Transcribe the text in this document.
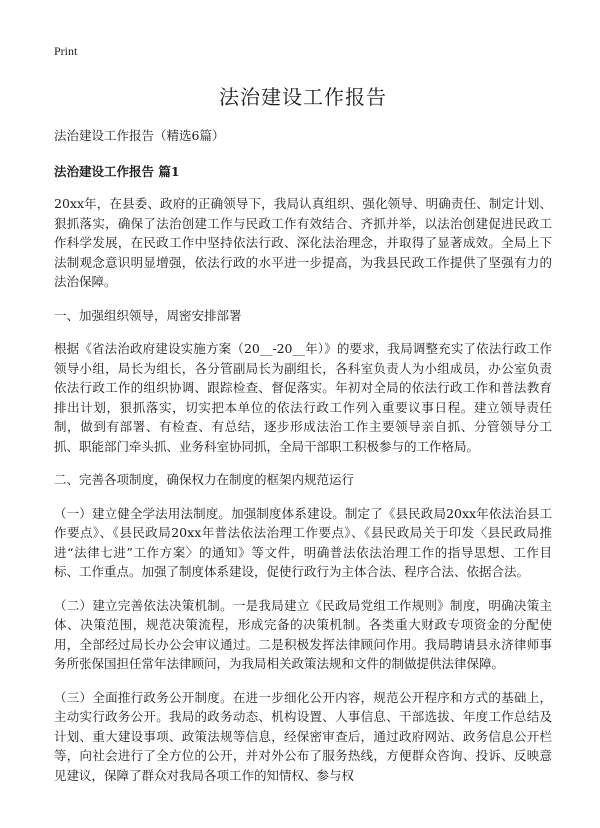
Print
法治建设工作报告

法治建设工作报告（精选6篇）

法治建设工作报告 篇1

20xx年，在县委、政府的正确领导下，我局认真组织、强化领导、明确责任、制定计划、狠抓落实，确保了法治创建工作与民政工作有效结合、齐抓并举，以法治创建促进民政工作科学发展，在民政工作中坚持依法行政、深化法治理念，并取得了显著成效。全局上下法制观念意识明显增强，依法行政的水平进一步提高，为我县民政工作提供了坚强有力的法治保障。

一、加强组织领导，周密安排部署

根据《省法治政府建设实施方案（20__-20__年）》的要求，我局调整充实了依法行政工作领导小组，局长为组长，各分管副局长为副组长，各科室负责人为小组成员，办公室负责依法行政工作的组织协调、跟踪检查、督促落实。年初对全局的依法行政工作和普法教育排出计划，狠抓落实，切实把本单位的依法行政工作列入重要议事日程。建立领导责任制，做到有部署、有检查、有总结，逐步形成法治工作主要领导亲自抓、分管领导分工抓、职能部门牵头抓、业务科室协同抓，全局干部职工积极参与的工作格局。

二、完善各项制度，确保权力在制度的框架内规范运行

（一）建立健全学法用法制度。加强制度体系建设。制定了《县民政局20xx年依法治县工作要点》、《县民政局20xx年普法依法治理工作要点》、《县民政局关于印发〈县民政局推进“法律七进”工作方案〉的通知》等文件，明确普法依法治理工作的指导思想、工作目标、工作重点。加强了制度体系建设，促使行政行为主体合法、程序合法、依据合法。

（二）建立完善依法决策机制。一是我局建立《民政局党组工作规则》制度，明确决策主体、决策范围，规范决策流程，形成完备的决策机制。各类重大财政专项资金的分配使用，全部经过局长办公会审议通过。二是积极发挥法律顾问作用。我局聘请县永济律师事务所张保国担任常年法律顾问，为我局相关政策法规和文件的制做提供法律保障。

（三）全面推行政务公开制度。在进一步细化公开内容，规范公开程序和方式的基础上，主动实行政务公开。我局的政务动态、机构设置、人事信息、干部选拔、年度工作总结及计划、重大建设事项、政策法规等信息，经保密审查后，通过政府网站、政务信息公开栏等，向社会进行了全方位的公开，并对外公布了服务热线，方便群众咨询、投诉、反映意见建议，保障了群众对我局各项工作的知情权、参与权
